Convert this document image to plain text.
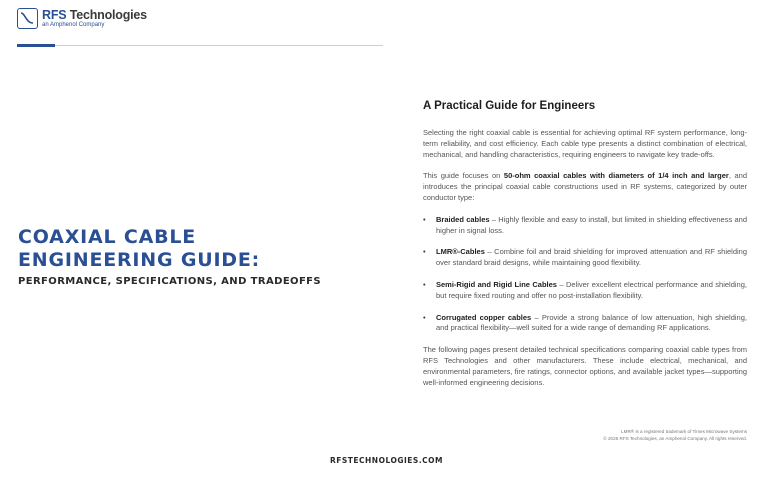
RFS Technologies
an Amphenol Company
COAXIAL CABLE
ENGINEERING GUIDE:
PERFORMANCE, SPECIFICATIONS, AND TRADEOFFS
A Practical Guide for Engineers

Selecting the right coaxial cable is essential for achieving optimal RF system performance, long-term reliability, and cost efficiency. Each cable type presents a distinct combination of electrical, mechanical, and handling characteristics, requiring engineers to navigate key trade-offs.

This guide focuses on 50-ohm coaxial cables with diameters of 1/4 inch and larger, and introduces the principal coaxial cable constructions used in RF systems, categorized by outer conductor type:

• Braided cables – Highly flexible and easy to install, but limited in shielding effectiveness and higher in signal loss.
• LMR®-Cables – Combine foil and braid shielding for improved attenuation and RF shielding over standard braid designs, while maintaining good flexibility.
• Semi-Rigid and Rigid Line Cables – Deliver excellent electrical performance and shielding, but require fixed routing and offer no post-installation flexibility.
• Corrugated copper cables – Provide a strong balance of low attenuation, high shielding, and practical flexibility—well suited for a wide range of demanding RF applications.

The following pages present detailed technical specifications comparing coaxial cable types from RFS Technologies and other manufacturers. These include electrical, mechanical, and environmental parameters, fire ratings, connector options, and available jacket types—supporting well-informed engineering decisions.

LMR® is a registered trademark of Times Microwave Systems
© 2025 RFS Technologies, an Amphenol Company. All rights reserved.
RFSTECHNOLOGIES.COM
